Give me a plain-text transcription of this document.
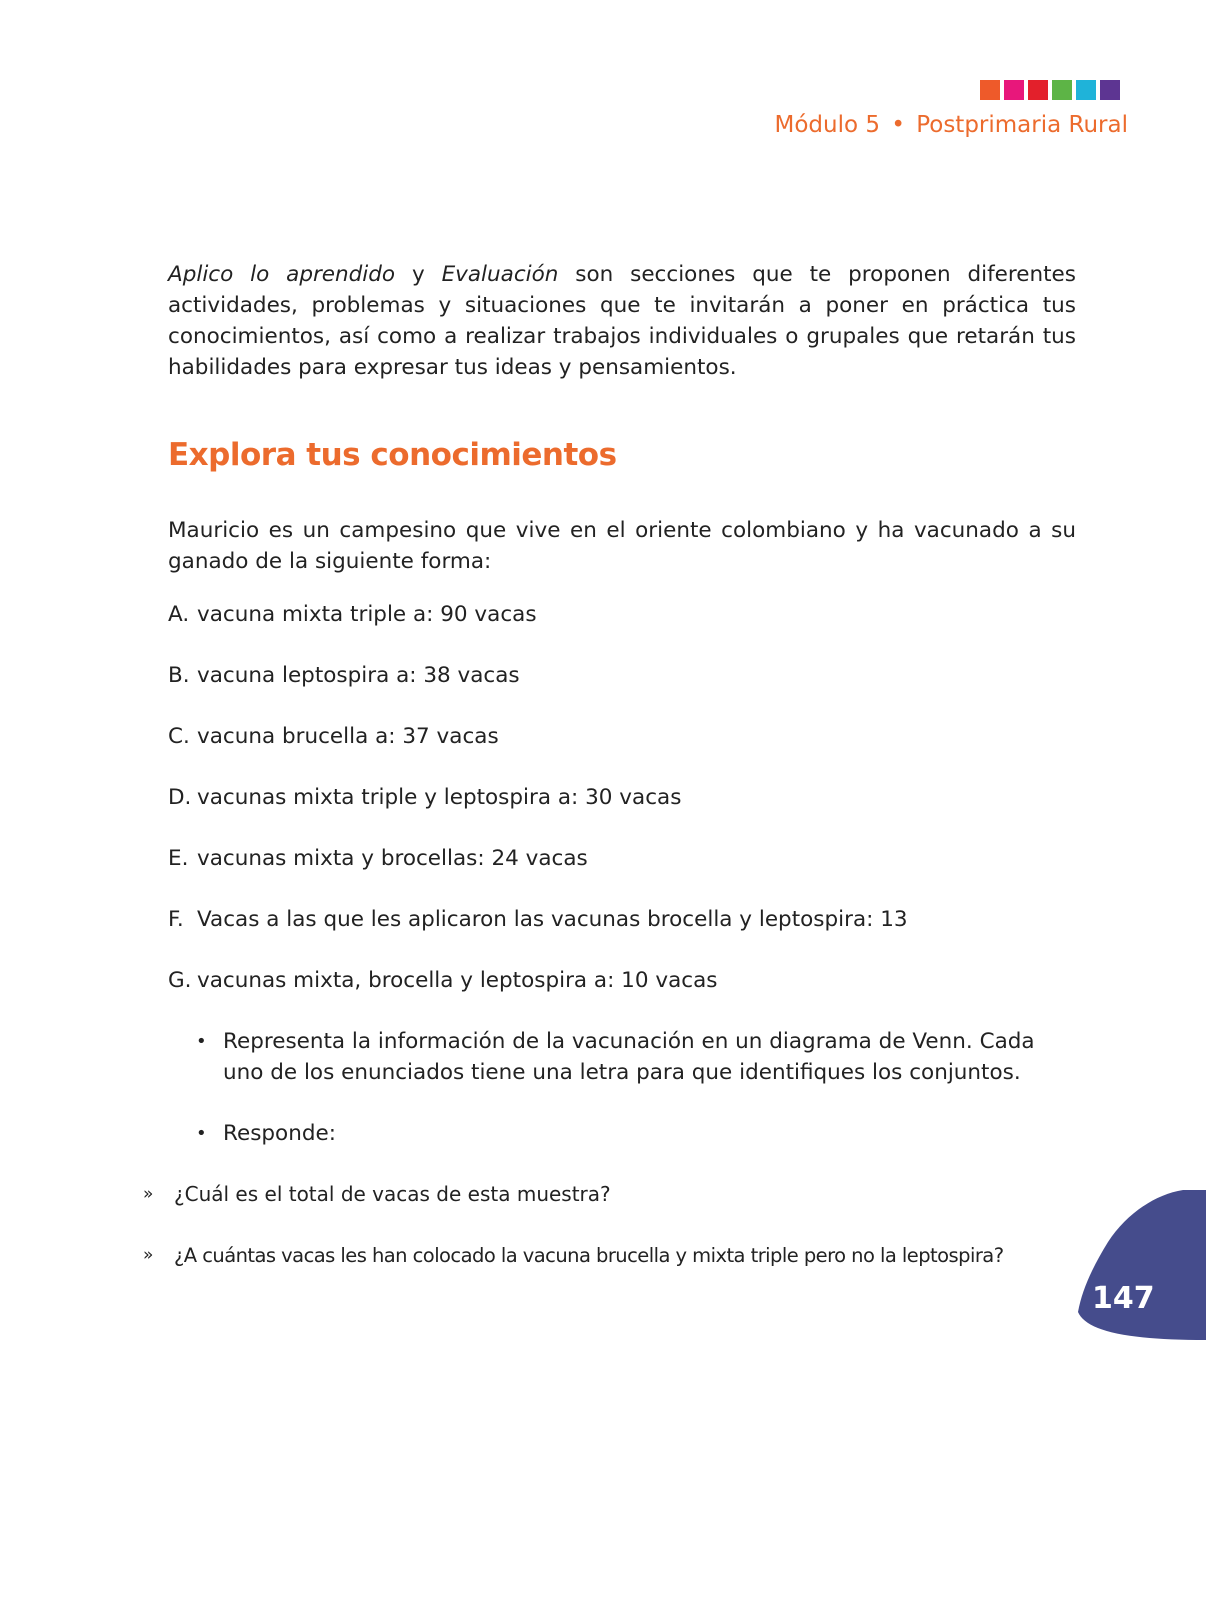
Módulo 5 • Postprimaria Rural

Aplico lo aprendido y Evaluación son secciones que te proponen diferentes actividades, problemas y situaciones que te invitarán a poner en práctica tus conocimientos, así como a realizar trabajos individuales o grupales que retarán tus habilidades para expresar tus ideas y pensamientos.

Explora tus conocimientos

Mauricio es un campesino que vive en el oriente colombiano y ha vacunado a su ganado de la siguiente forma:

A. vacuna mixta triple a: 90 vacas
B. vacuna leptospira a: 38 vacas
C. vacuna brucella a: 37 vacas
D. vacunas mixta triple y leptospira a: 30 vacas
E. vacunas mixta y brocellas: 24 vacas
F. Vacas a las que les aplicaron las vacunas brocella y leptospira: 13
G. vacunas mixta, brocella y leptospira a: 10 vacas
• Representa la información de la vacunación en un diagrama de Venn. Cada uno de los enunciados tiene una letra para que identifiques los conjuntos.
• Responde:
»	¿Cuál es el total de vacas de esta muestra?
»	¿A cuántas vacas les han colocado la vacuna brucella y mixta triple pero no la leptospira?
147
